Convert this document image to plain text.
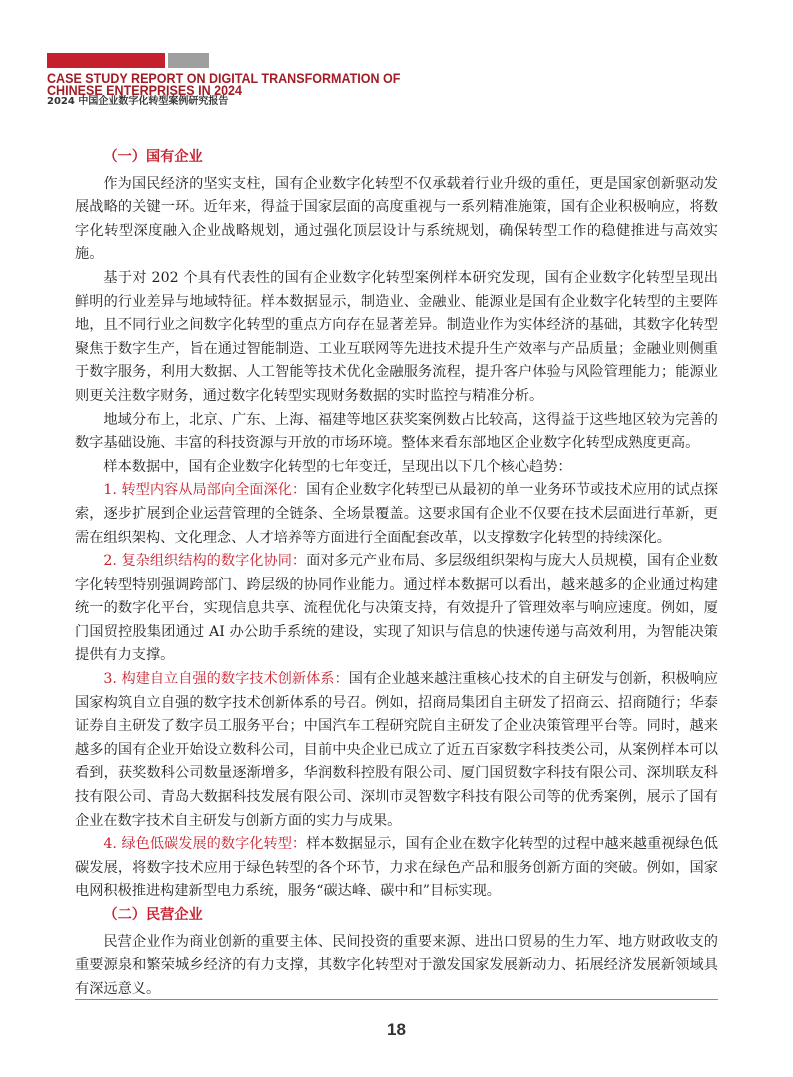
CASE STUDY REPORT ON DIGITAL TRANSFORMATION OF
CHINESE ENTERPRISES IN 2024
2024 中国企业数字化转型案例研究报告
（一）国有企业

作为国民经济的坚实支柱，国有企业数字化转型不仅承载着行业升级的重任，更是国家创新驱动发展战略的关键一环。近年来，得益于国家层面的高度重视与一系列精准施策，国有企业积极响应，将数字化转型深度融入企业战略规划，通过强化顶层设计与系统规划，确保转型工作的稳健推进与高效实施。

基于对 202 个具有代表性的国有企业数字化转型案例样本研究发现，国有企业数字化转型呈现出鲜明的行业差异与地域特征。样本数据显示，制造业、金融业、能源业是国有企业数字化转型的主要阵地，且不同行业之间数字化转型的重点方向存在显著差异。制造业作为实体经济的基础，其数字化转型聚焦于数字生产，旨在通过智能制造、工业互联网等先进技术提升生产效率与产品质量；金融业则侧重于数字服务，利用大数据、人工智能等技术优化金融服务流程，提升客户体验与风险管理能力；能源业则更关注数字财务，通过数字化转型实现财务数据的实时监控与精准分析。

地域分布上，北京、广东、上海、福建等地区获奖案例数占比较高，这得益于这些地区较为完善的数字基础设施、丰富的科技资源与开放的市场环境。整体来看东部地区企业数字化转型成熟度更高。

样本数据中，国有企业数字化转型的七年变迁，呈现出以下几个核心趋势：

1. 转型内容从局部向全面深化：国有企业数字化转型已从最初的单一业务环节或技术应用的试点探索，逐步扩展到企业运营管理的全链条、全场景覆盖。这要求国有企业不仅要在技术层面进行革新，更需在组织架构、文化理念、人才培养等方面进行全面配套改革，以支撑数字化转型的持续深化。

2. 复杂组织结构的数字化协同：面对多元产业布局、多层级组织架构与庞大人员规模，国有企业数字化转型特别强调跨部门、跨层级的协同作业能力。通过样本数据可以看出，越来越多的企业通过构建统一的数字化平台，实现信息共享、流程优化与决策支持，有效提升了管理效率与响应速度。例如，厦门国贸控股集团通过 AI 办公助手系统的建设，实现了知识与信息的快速传递与高效利用，为智能决策提供有力支撑。

3. 构建自立自强的数字技术创新体系：国有企业越来越注重核心技术的自主研发与创新，积极响应国家构筑自立自强的数字技术创新体系的号召。例如，招商局集团自主研发了招商云、招商随行；华泰证券自主研发了数字员工服务平台；中国汽车工程研究院自主研发了企业决策管理平台等。同时，越来越多的国有企业开始设立数科公司，目前中央企业已成立了近五百家数字科技类公司，从案例样本可以看到，获奖数科公司数量逐渐增多，华润数科控股有限公司、厦门国贸数字科技有限公司、深圳联友科技有限公司、青岛大数据科技发展有限公司、深圳市灵智数字科技有限公司等的优秀案例，展示了国有企业在数字技术自主研发与创新方面的实力与成果。

4. 绿色低碳发展的数字化转型：样本数据显示，国有企业在数字化转型的过程中越来越重视绿色低碳发展，将数字技术应用于绿色转型的各个环节，力求在绿色产品和服务创新方面的突破。例如，国家电网积极推进构建新型电力系统，服务“碳达峰、碳中和”目标实现。

（二）民营企业

民营企业作为商业创新的重要主体、民间投资的重要来源、进出口贸易的生力军、地方财政收支的重要源泉和繁荣城乡经济的有力支撑，其数字化转型对于激发国家发展新动力、拓展经济发展新领域具有深远意义。

18
